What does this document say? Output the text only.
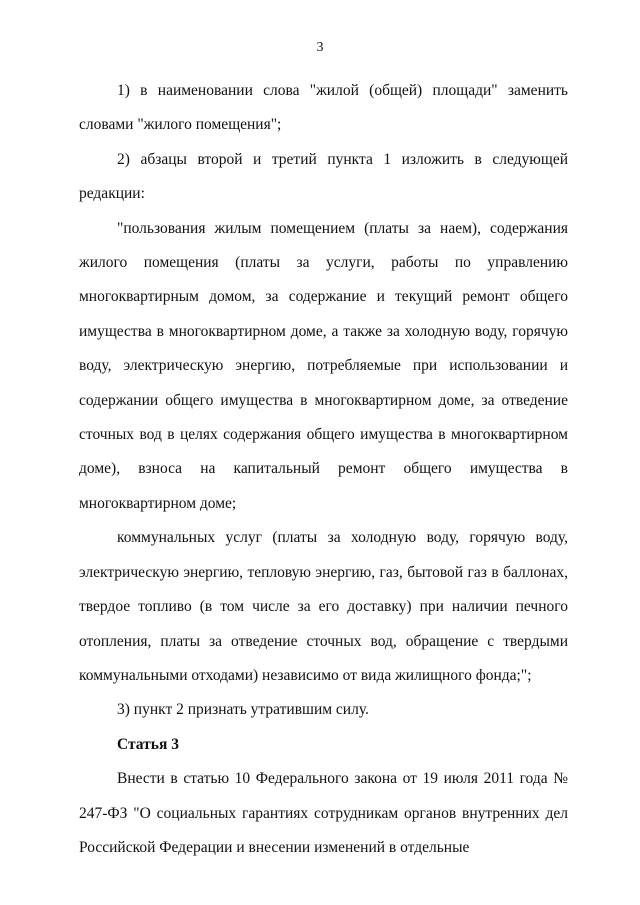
3

1) в наименовании слова "жилой (общей) площади" заменить словами "жилого помещения";

2) абзацы второй и третий пункта 1 изложить в следующей редакции:

"пользования жилым помещением (платы за наем), содержания жилого помещения (платы за услуги, работы по управлению многоквартирным домом, за содержание и текущий ремонт общего имущества в многоквартирном доме, а также за холодную воду, горячую воду, электрическую энергию, потребляемые при использовании и содержании общего имущества в многоквартирном доме, за отведение сточных вод в целях содержания общего имущества в многоквартирном доме), взноса на капитальный ремонт общего имущества в многоквартирном доме;

коммунальных услуг (платы за холодную воду, горячую воду, электрическую энергию, тепловую энергию, газ, бытовой газ в баллонах, твердое топливо (в том числе за его доставку) при наличии печного отопления, платы за отведение сточных вод, обращение с твердыми коммунальными отходами) независимо от вида жилищного фонда;";

3) пункт 2 признать утратившим силу.

Статья 3

Внести в статью 10 Федерального закона от 19 июля 2011 года № 247-ФЗ "О социальных гарантиях сотрудникам органов внутренних дел Российской Федерации и внесении изменений в отдельные
